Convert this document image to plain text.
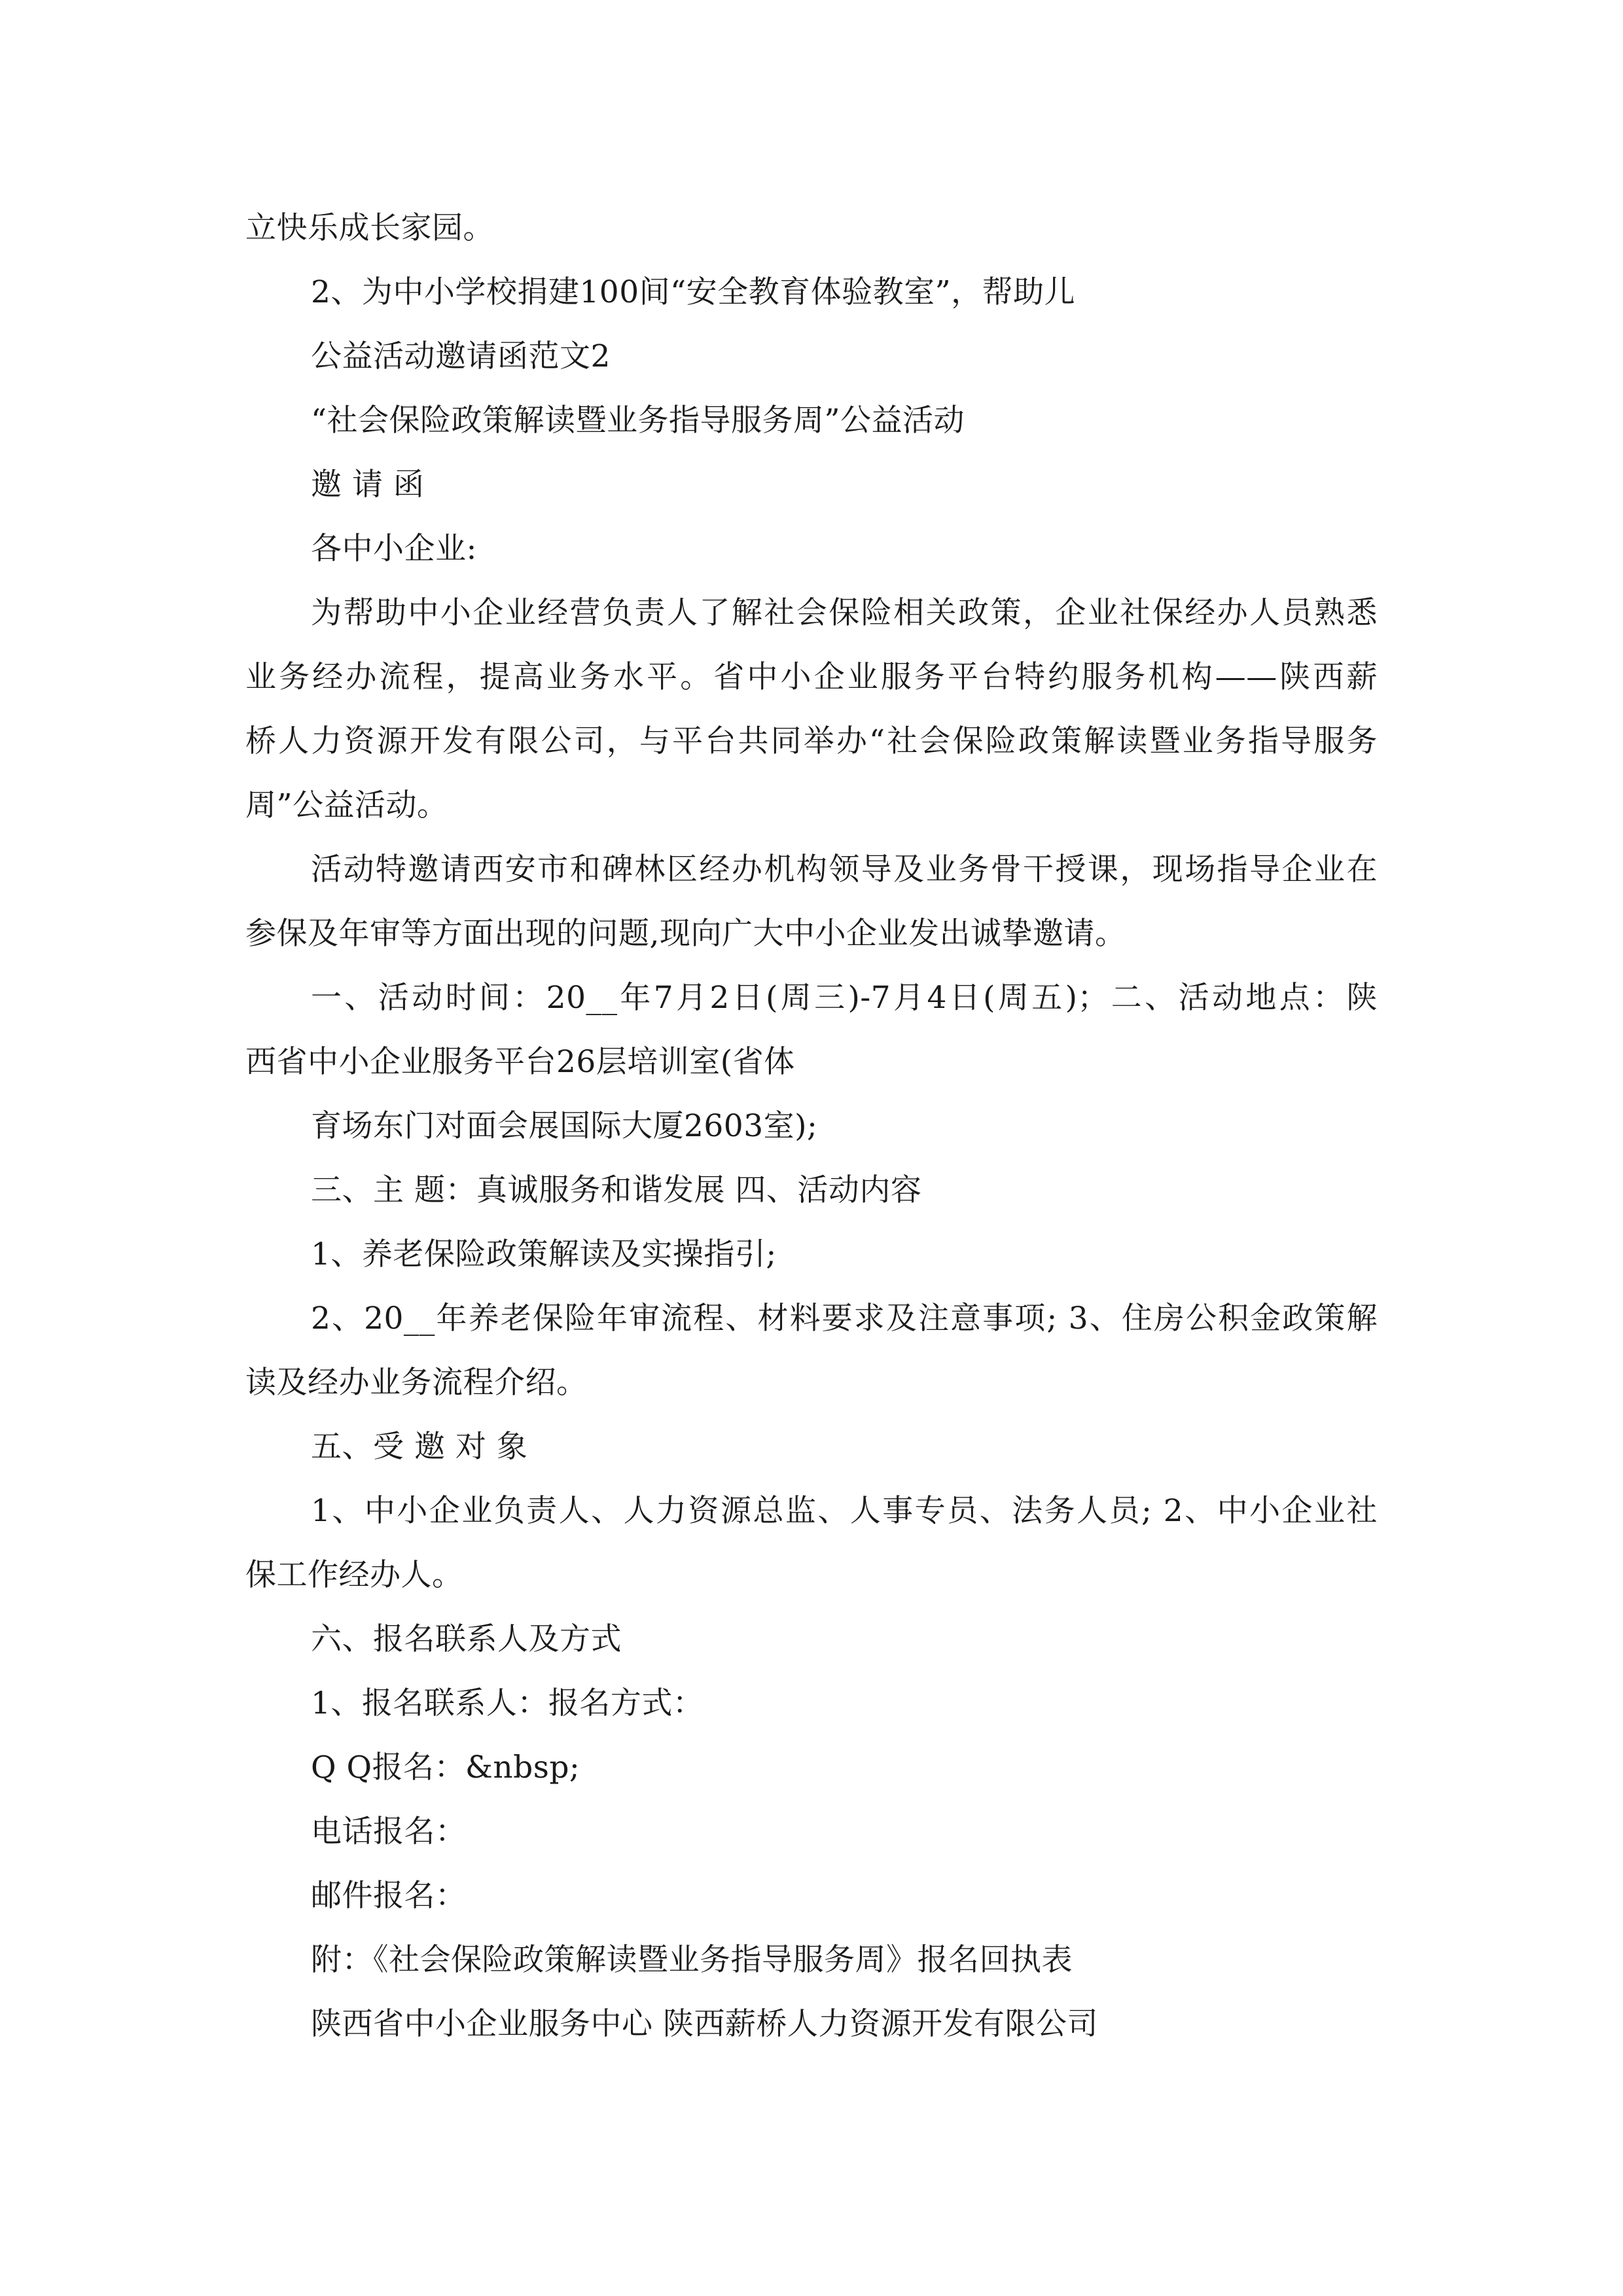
立快乐成长家园。
2、为中小学校捐建100间“安全教育体验教室”，帮助儿
公益活动邀请函范文2
“社会保险政策解读暨业务指导服务周”公益活动
邀 请 函
各中小企业:
为帮助中小企业经营负责人了解社会保险相关政策，企业社保经办人员熟悉
业务经办流程，提高业务水平。省中小企业服务平台特约服务机构——陕西薪
桥人力资源开发有限公司，与平台共同举办“社会保险政策解读暨业务指导服务
周”公益活动。
活动特邀请西安市和碑林区经办机构领导及业务骨干授课，现场指导企业在
参保及年审等方面出现的问题,现向广大中小企业发出诚挚邀请。
一、活动时间：20__年7月2日(周三)-7月4日(周五)；二、活动地点：陕
西省中小企业服务平台26层培训室(省体
育场东门对面会展国际大厦2603室);
三、主 题：真诚服务和谐发展 四、活动内容
1、养老保险政策解读及实操指引;
2、20__年养老保险年审流程、材料要求及注意事项; 3、住房公积金政策解
读及经办业务流程介绍。
五、受 邀 对 象
1、中小企业负责人、人力资源总监、人事专员、法务人员; 2、中小企业社
保工作经办人。
六、报名联系人及方式
1、报名联系人：报名方式：
Q Q报名：&nbsp;
电话报名：
邮件报名：
附：《社会保险政策解读暨业务指导服务周》报名回执表
陕西省中小企业服务中心 陕西薪桥人力资源开发有限公司
